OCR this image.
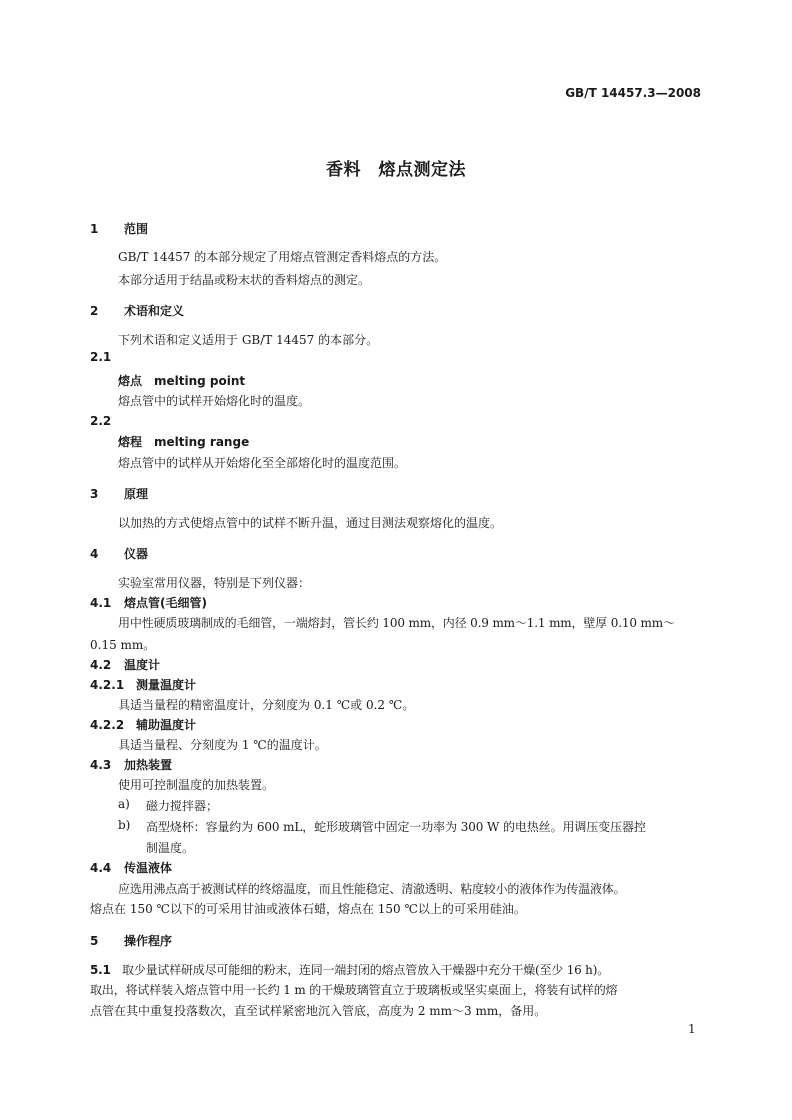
GB/T 14457.3—2008
香料　熔点测定法
1 范围
GB/T 14457 的本部分规定了用熔点管测定香料熔点的方法。
本部分适用于结晶或粉末状的香料熔点的测定。
2 术语和定义
下列术语和定义适用于 GB/T 14457 的本部分。
2.1
熔点　melting point
熔点管中的试样开始熔化时的温度。
2.2
熔程　melting range
熔点管中的试样从开始熔化至全部熔化时的温度范围。
3 原理
以加热的方式使熔点管中的试样不断升温，通过目测法观察熔化的温度。
4 仪器
实验室常用仪器，特别是下列仪器：
4.1 熔点管(毛细管)
用中性硬质玻璃制成的毛细管，一端熔封，管长约 100 mm，内径 0.9 mm～1.1 mm，壁厚 0.10 mm～
0.15 mm。
4.2 温度计
4.2.1 测量温度计
具适当量程的精密温度计，分刻度为 0.1 ℃或 0.2 ℃。
4.2.2 辅助温度计
具适当量程、分刻度为 1 ℃的温度计。
4.3 加热装置
使用可控制温度的加热装置。
a) 磁力搅拌器；
b) 高型烧杯：容量约为 600 mL，蛇形玻璃管中固定一功率为 300 W 的电热丝。用调压变压器控
制温度。
4.4 传温液体
应选用沸点高于被测试样的终熔温度，而且性能稳定、清澈透明、粘度较小的液体作为传温液体。
熔点在 150 ℃以下的可采用甘油或液体石蜡，熔点在 150 ℃以上的可采用硅油。
5 操作程序
5.1 取少量试样研成尽可能细的粉末，连同一端封闭的熔点管放入干燥器中充分干燥(至少 16 h)。
取出，将试样装入熔点管中用一长约 1 m 的干燥玻璃管直立于玻璃板或坚实桌面上，将装有试样的熔
点管在其中重复投落数次，直至试样紧密地沉入管底，高度为 2 mm～3 mm，备用。
1
